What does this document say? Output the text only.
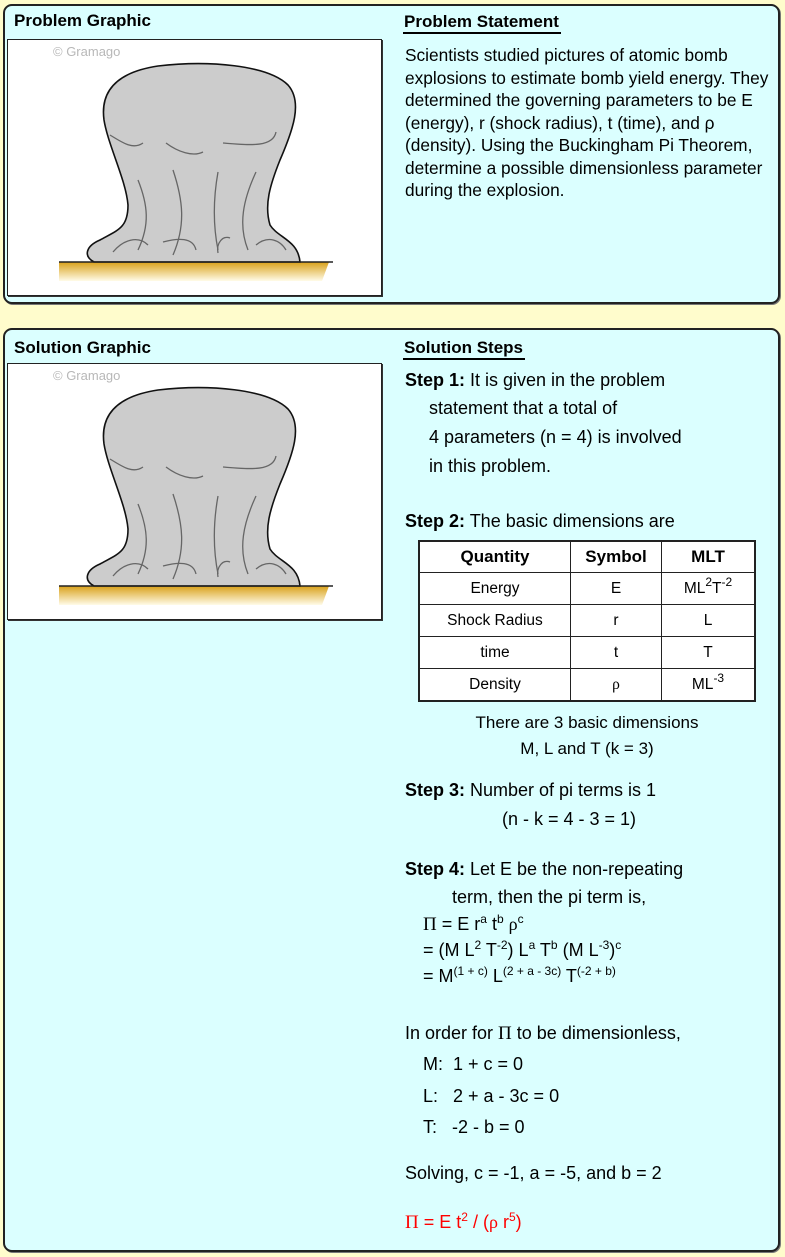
Problem Graphic
© Gramago
Problem Statement
Scientists studied pictures of atomic bomb explosions to estimate bomb yield energy. They determined the governing parameters to be E (energy), r (shock radius), t (time), and ρ (density). Using the Buckingham Pi Theorem, determine a possible dimensionless parameter during the explosion.
Solution Graphic
© Gramago
Solution Steps
Step 1: It is given in the problem
statement that a total of
4 parameters (n = 4) is involved
in this problem.
Step 2: The basic dimensions are
Quantity	Symbol	MLT
Energy	E	$ML^2T^{-2}$
Shock Radius	r	L
time	t	T
Density	ρ	$ML^{-3}$
There are 3 basic dimensions
M, L and T (k = 3)
Step 3: Number of pi terms is 1
(n - k = 4 - 3 = 1)
Step 4: Let E be the non-repeating
term, then the pi term is,
Π = E $r^a$ $t^b$ $\rho^c$
= (M $L^2$ $T^{-2}$) $L^a$ $T^b$ (M $L^{-3})^c$
= $M^{(1 + c)}$ $L^{(2 + a - 3c)}$ $T^{(-2 + b)}$
In order for Π to be dimensionless,
M:  1 + c = 0
L:   2 + a - 3c = 0
T:   -2 - b = 0
Solving, c = -1, a = -5, and b = 2
Π = E $t^2 / (\rho$ $r^5$)
